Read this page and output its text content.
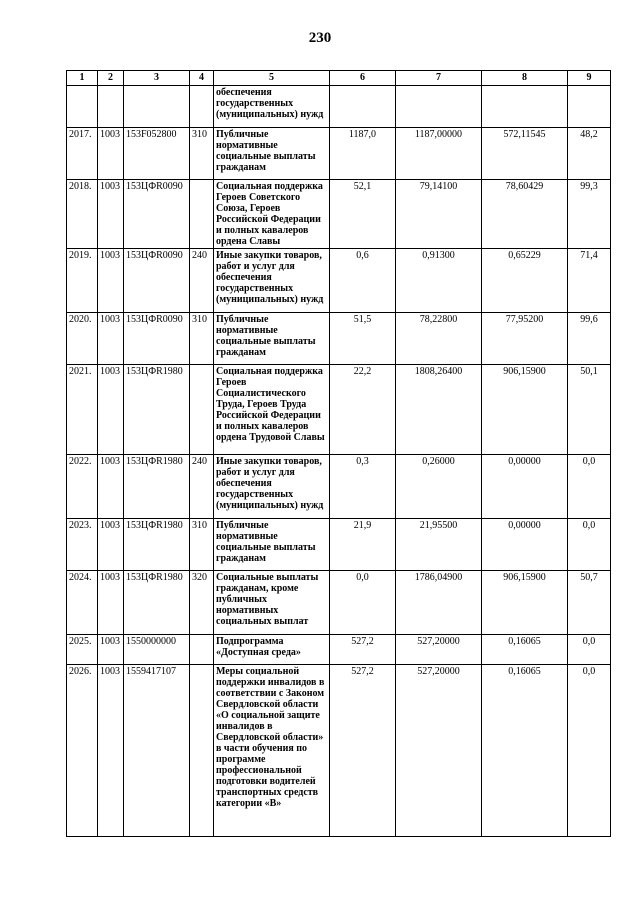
230
1	2	3	4	5	6	7	8	9
				обеспечения государственных (муниципальных) нужд				
2017.	1003	153F052800	310	Публичные нормативные социальные выплаты гражданам	1187,0	1187,00000	572,11545	48,2
2018.	1003	153ЦФR0090		Социальная поддержка Героев Советского Союза, Героев Российской Федерации и полных кавалеров ордена Славы	52,1	79,14100	78,60429	99,3
2019.	1003	153ЦФR0090	240	Иные закупки товаров, работ и услуг для обеспечения государственных (муниципальных) нужд	0,6	0,91300	0,65229	71,4
2020.	1003	153ЦФR0090	310	Публичные нормативные социальные выплаты гражданам	51,5	78,22800	77,95200	99,6
2021.	1003	153ЦФR1980		Социальная поддержка Героев Социалистического Труда, Героев Труда Российской Федерации и полных кавалеров ордена Трудовой Славы	22,2	1808,26400	906,15900	50,1
2022.	1003	153ЦФR1980	240	Иные закупки товаров, работ и услуг для обеспечения государственных (муниципальных) нужд	0,3	0,26000	0,00000	0,0
2023.	1003	153ЦФR1980	310	Публичные нормативные социальные выплаты гражданам	21,9	21,95500	0,00000	0,0
2024.	1003	153ЦФR1980	320	Социальные выплаты гражданам, кроме публичных нормативных социальных выплат	0,0	1786,04900	906,15900	50,7
2025.	1003	1550000000		Подпрограмма «Доступная среда»	527,2	527,20000	0,16065	0,0
2026.	1003	1559417107		Меры социальной поддержки инвалидов в соответствии с Законом Свердловской области «О социальной защите инвалидов в Свердловской области» в части обучения по программе профессиональной подготовки водителей транспортных средств категории «В»	527,2	527,20000	0,16065	0,0
